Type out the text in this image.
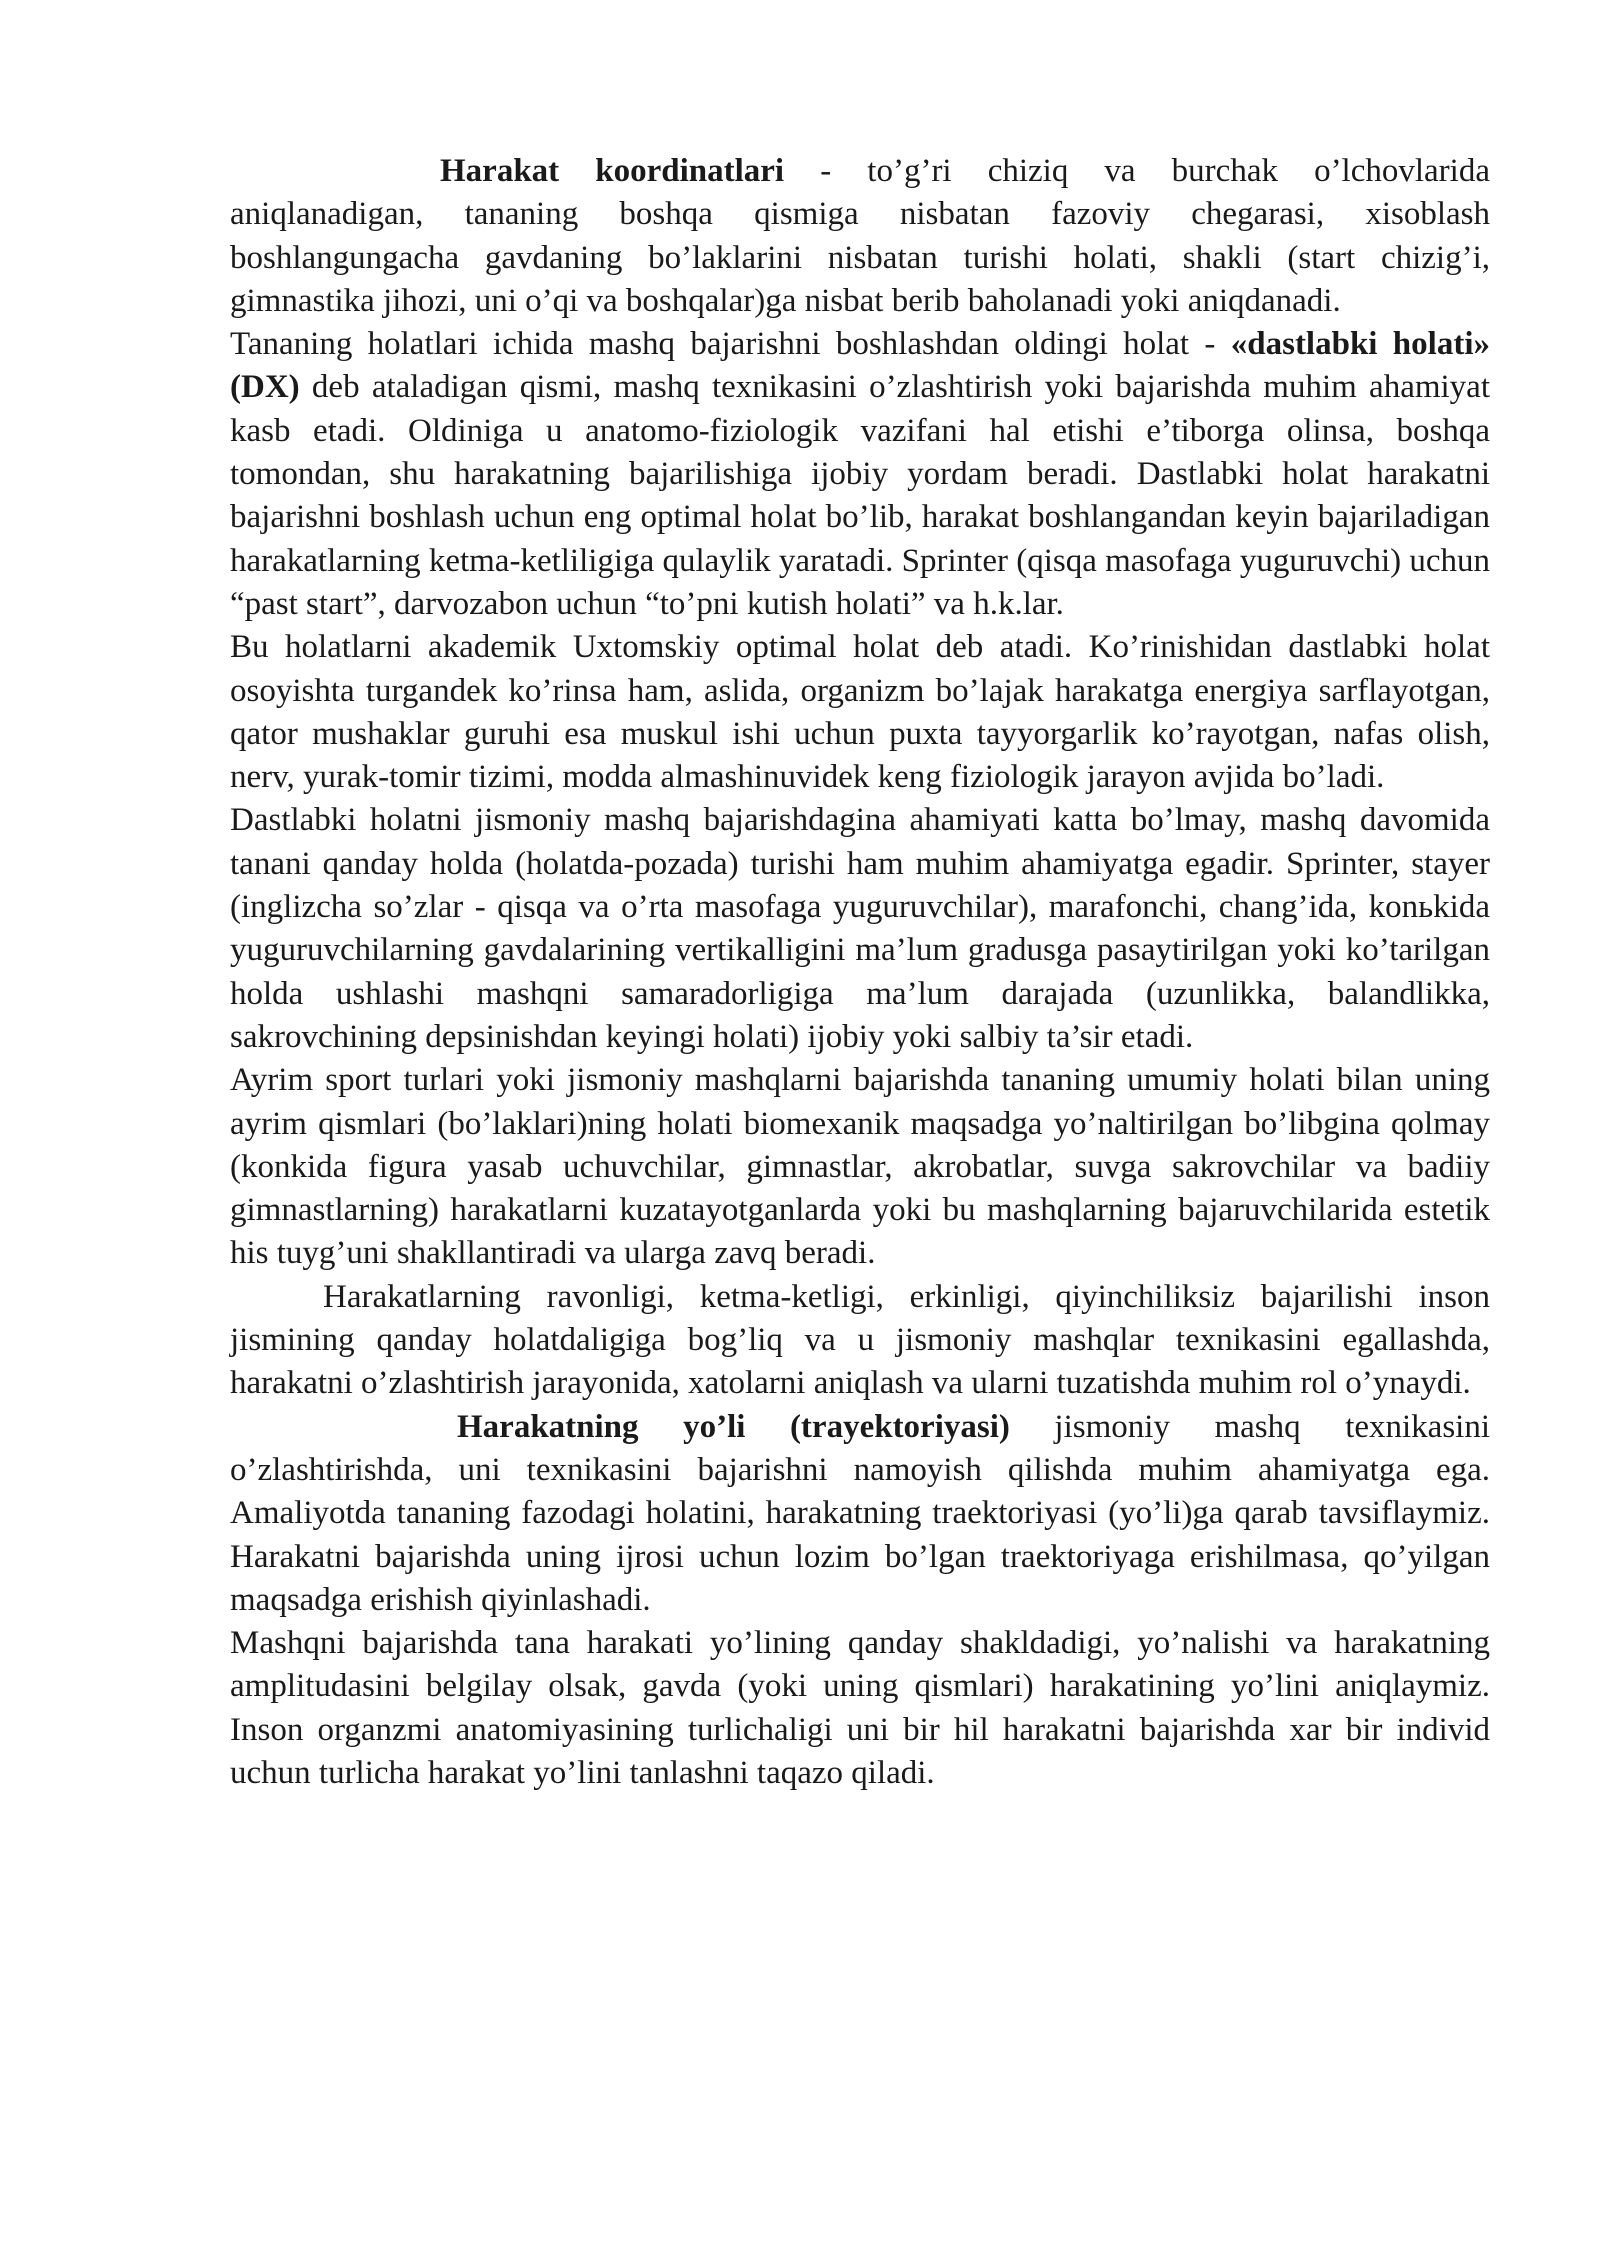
Harakat koordinatlari - to’g’ri chiziq va burchak o’lchovlarida aniqlanadigan, tananing boshqa qismiga nisbatan fazoviy chegarasi, xisoblash boshlangungacha gavdaning bo’laklarini nisbatan turishi holati, shakli (start chizig’i, gimnastika jihozi, uni o’qi va boshqalar)ga nisbat berib baholanadi yoki aniqdanadi.

Tananing holatlari ichida mashq bajarishni boshlashdan oldingi holat - «dastlabki holati» (DX) deb ataladigan qismi, mashq texnikasini o’zlashtirish yoki bajarishda muhim ahamiyat kasb etadi. Oldiniga u anatomo-fiziologik vazifani hal etishi e’tiborga olinsa, boshqa tomondan, shu harakatning bajarilishiga ijobiy yordam beradi. Dastlabki holat harakatni bajarishni boshlash uchun eng optimal holat bo’lib, harakat boshlangandan keyin bajariladigan harakatlarning ketma-ketliligiga qulaylik yaratadi. Sprinter (qisqa masofaga yuguruvchi) uchun “past start”, darvozabon uchun “to’pni kutish holati” va h.k.lar.

Bu holatlarni akademik Uxtomskiy optimal holat deb atadi. Ko’rinishidan dastlabki holat osoyishta turgandek ko’rinsa ham, aslida, organizm bo’lajak harakatga energiya sarflayotgan, qator mushaklar guruhi esa muskul ishi uchun puxta tayyorgarlik ko’rayotgan, nafas olish, nerv, yurak-tomir tizimi, modda almashinuvidek keng fiziologik jarayon avjida bo’ladi.

Dastlabki holatni jismoniy mashq bajarishdagina ahamiyati katta bo’lmay, mashq davomida tanani qanday holda (holatda-pozada) turishi ham muhim ahamiyatga egadir. Sprinter, stayer (inglizcha so’zlar - qisqa va o’rta masofaga yuguruvchilar), marafonchi, chang’ida, konьkida yuguruvchilarning gavdalarining vertikalligini ma’lum gradusga pasaytirilgan yoki ko’tarilgan holda ushlashi mashqni samaradorligiga ma’lum darajada (uzunlikka, balandlikka, sakrovchining depsinishdan keyingi holati) ijobiy yoki salbiy ta’sir etadi.

Ayrim sport turlari yoki jismoniy mashqlarni bajarishda tananing umumiy holati bilan uning ayrim qismlari (bo’laklari)ning holati biomexanik maqsadga yo’naltirilgan bo’libgina qolmay (konkida figura yasab uchuvchilar, gimnastlar, akrobatlar, suvga sakrovchilar va badiiy gimnastlarning) harakatlarni kuzatayotganlarda yoki bu mashqlarning bajaruvchilarida estetik his tuyg’uni shakllantiradi va ularga zavq beradi.

Harakatlarning ravonligi, ketma-ketligi, erkinligi, qiyinchiliksiz bajarilishi inson jismining qanday holatdaligiga bog’liq va u jismoniy mashqlar texnikasini egallashda, harakatni o’zlashtirish jarayonida, xatolarni aniqlash va ularni tuzatishda muhim rol o’ynaydi.

Harakatning yo’li (trayektoriyasi) jismoniy mashq texnikasini o’zlashtirishda, uni texnikasini bajarishni namoyish qilishda muhim ahamiyatga ega. Amaliyotda tananing fazodagi holatini, harakatning traektoriyasi (yo’li)ga qarab tavsiflaymiz. Harakatni bajarishda uning ijrosi uchun lozim bo’lgan traektoriyaga erishilmasa, qo’yilgan maqsadga erishish qiyinlashadi.

Mashqni bajarishda tana harakati yo’lining qanday shakldadigi, yo’nalishi va harakatning amplitudasini belgilay olsak, gavda (yoki uning qismlari) harakatining yo’lini aniqlaymiz. Inson organzmi anatomiyasining turlichaligi uni bir hil harakatni bajarishda xar bir individ uchun turlicha harakat yo’lini tanlashni taqazo qiladi.
